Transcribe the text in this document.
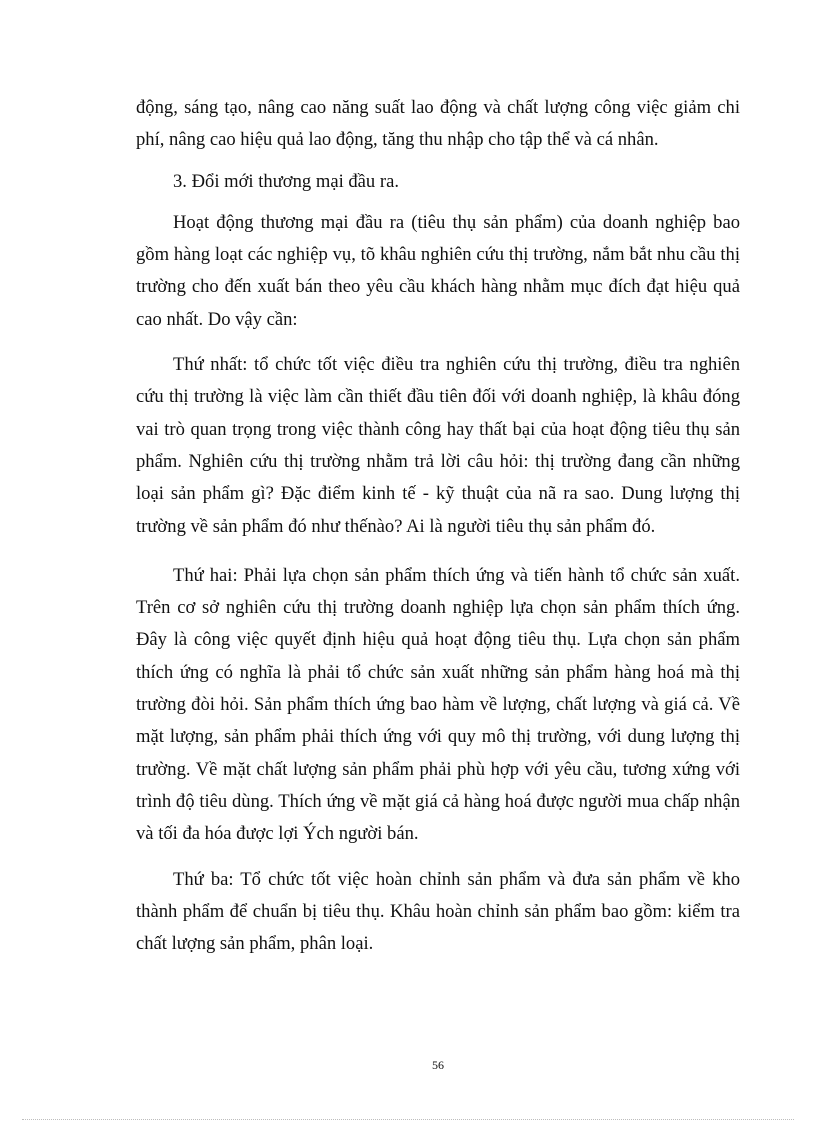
động, sáng tạo, nâng cao năng suất lao động và chất lượng công việc giảm chi phí, nâng cao hiệu quả lao động, tăng thu nhập cho tập thể và cá nhân.

3. Đổi mới thương mại đầu ra.

Hoạt động thương mại đầu ra (tiêu thụ sản phẩm) của doanh nghiệp bao gồm hàng loạt các nghiệp vụ, tõ khâu nghiên cứu thị trường, nắm bắt nhu cầu thị trường cho đến xuất bán theo yêu cầu khách hàng nhằm mục đích đạt hiệu quả cao nhất. Do vậy cần:

Thứ nhất: tổ chức tốt việc điều tra nghiên cứu thị trường, điều tra nghiên cứu thị trường là việc làm cần thiết đầu tiên đối với doanh nghiệp, là khâu đóng vai trò quan trọng trong việc thành công hay thất bại của hoạt động tiêu thụ sản phẩm. Nghiên cứu thị trường nhằm trả lời câu hỏi: thị trường đang cần những loại sản phẩm gì? Đặc điểm kinh tế - kỹ thuật của nã ra sao. Dung lượng thị trường về sản phẩm đó như thếnào? Ai là người tiêu thụ sản phẩm đó.

Thứ hai: Phải lựa chọn sản phẩm thích ứng và tiến hành tổ chức sản xuất. Trên cơ sở nghiên cứu thị trường doanh nghiệp lựa chọn sản phẩm thích ứng. Đây là công việc quyết định hiệu quả hoạt động tiêu thụ. Lựa chọn sản phẩm thích ứng có nghĩa là phải tổ chức sản xuất những sản phẩm hàng hoá mà thị trường đòi hỏi. Sản phẩm thích ứng bao hàm về lượng, chất lượng và giá cả. Về mặt lượng, sản phẩm phải thích ứng với quy mô thị trường, với dung lượng thị trường. Về mặt chất lượng sản phẩm phải phù hợp với yêu cầu, tương xứng với trình độ tiêu dùng. Thích ứng về mặt giá cả hàng hoá được người mua chấp nhận và tối đa hóa được lợi Ých người bán.

Thứ ba: Tổ chức tốt việc hoàn chỉnh sản phẩm và đưa sản phẩm về kho thành phẩm để chuẩn bị tiêu thụ. Khâu hoàn chỉnh sản phẩm bao gồm: kiểm tra chất lượng sản phẩm, phân loại.

56
